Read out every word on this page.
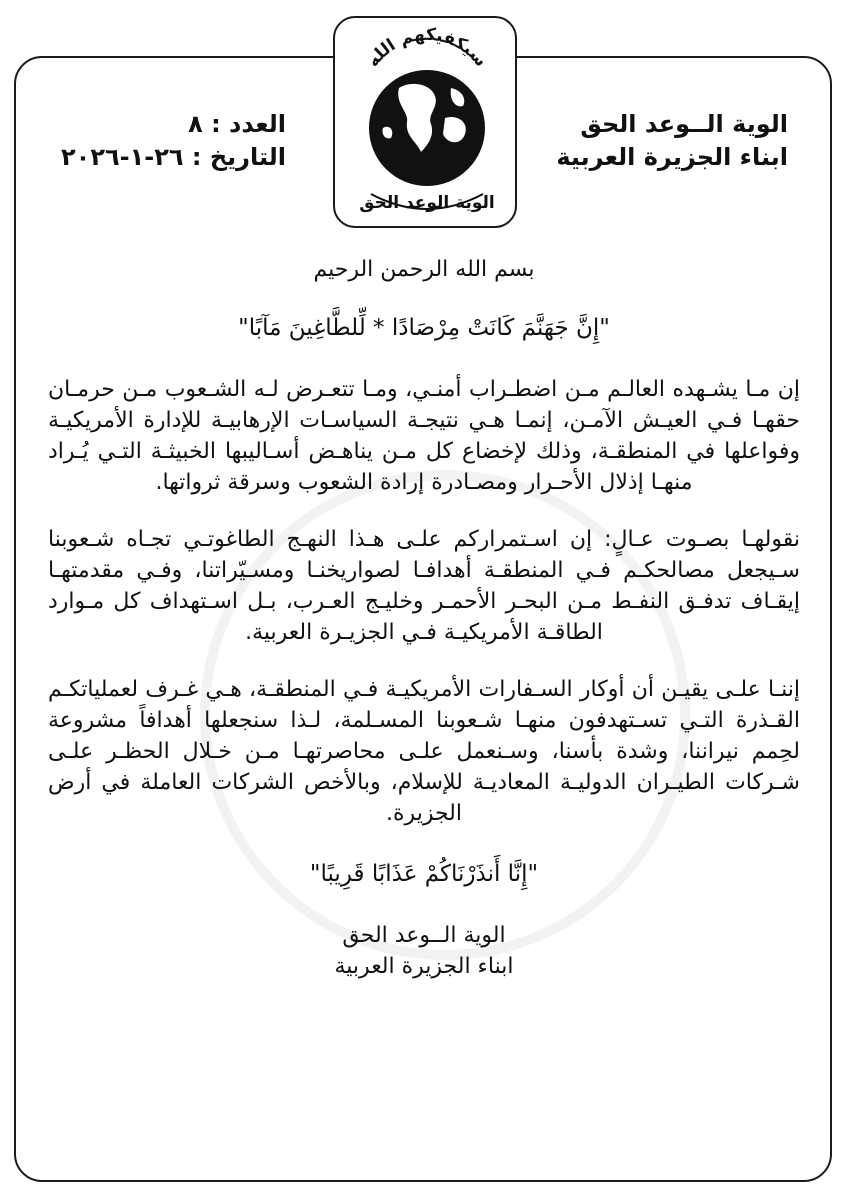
سيكفيكهم الله
الوية الوعد الحق
الوية الــوعد الحق
ابناء الجزيرة العربية
العدد : ٨
التاريخ : ٢٦-١-٢٠٢٦

بسم الله الرحمن الرحيم

"إِنَّ جَهَنَّمَ كَانَتْ مِرْصَادًا * لِّلطَّاغِينَ مَآبًا"

إن مـا يشـهده العالـم مـن اضطـراب أمنـي، ومـا تتعـرض لـه الشـعوب مـن حرمـان حقهـا فـي العيـش الآمـن، إنمـا هـي نتيجـة السياسـات الإرهابيـة للإدارة الأمريكيـة وفواعلها في المنطقـة، وذلك لإخضاع كل مـن يناهـض أسـاليبها الخبيثـة التـي يُـراد منهـا إذلال الأحـرار ومصـادرة إرادة الشعوب وسرقة ثرواتها.

نقولهـا بصـوت عـالٍ: إن اسـتمراركم علـى هـذا النهـج الطاغوتـي تجـاه شـعوبنا سـيجعل مصالحكـم فـي المنطقـة أهدافـا لصواريخنـا ومسـيّراتنا، وفـي مقدمتهـا إيقـاف تدفـق النفـط مـن البحـر الأحمـر وخليـج العـرب، بـل اسـتهداف كل مـوارد الطاقـة الأمريكيـة فـي الجزيـرة العربية.

إننـا علـى يقيـن أن أوكار السـفارات الأمريكيـة فـي المنطقـة، هـي غـرف لعملياتكـم القـذرة التـي تسـتهدفون منهـا شـعوبنا المسـلمة، لـذا سنجعلها أهدافاً مشروعة لحِمم نيراننا، وشدة بأسنا، وسـنعمل علـى محاصرتهـا مـن خـلال الحظـر علـى شـركات الطيـران الدوليـة المعاديـة للإسلام، وبالأخص الشركات العاملة في أرض الجزيرة.

"إِنَّا أَنذَرْنَاكُمْ عَذَابًا قَرِيبًا"

الوية الــوعد الحق

ابناء الجزيرة العربية
